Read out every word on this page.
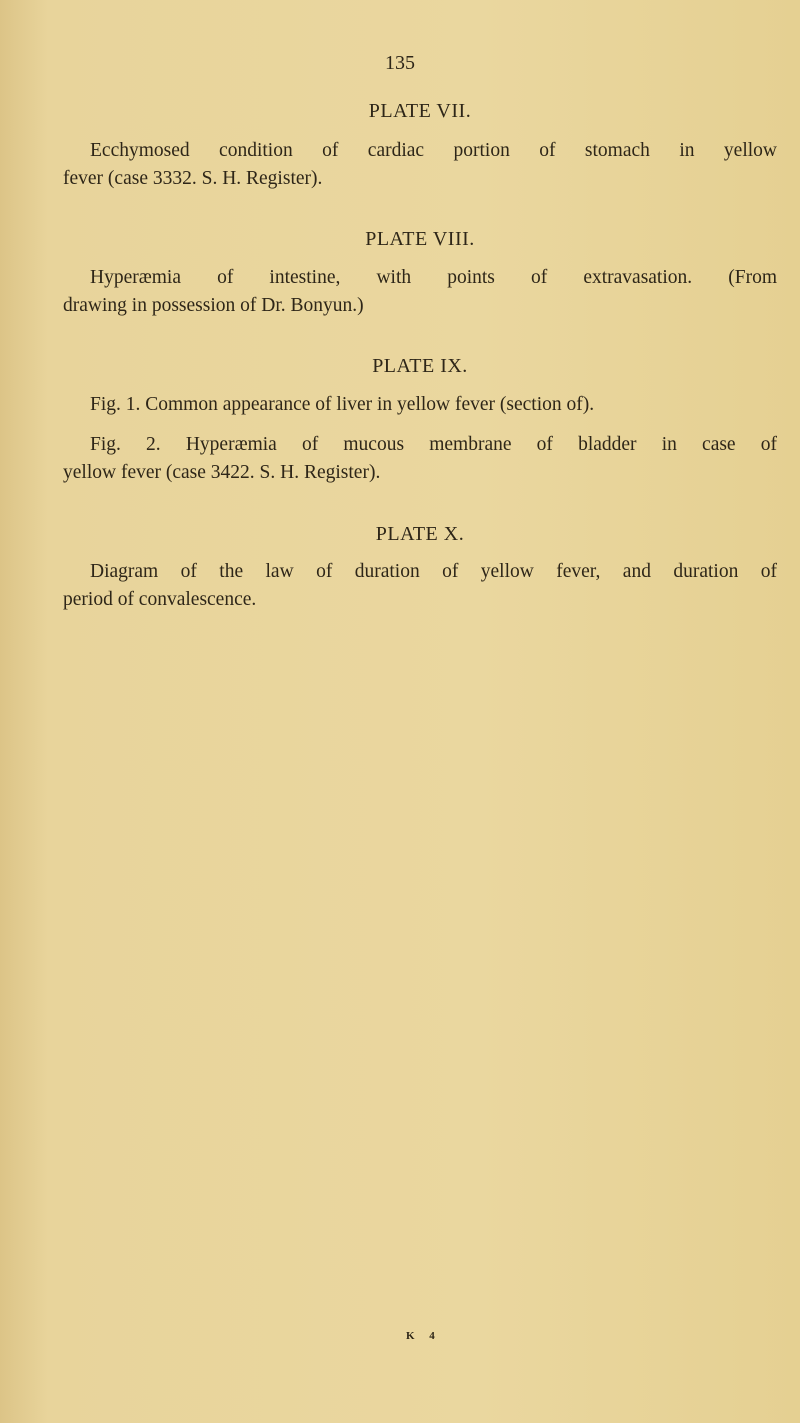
135
PLATE VII.
Ecchymosed condition of cardiac portion of stomach in yellow
fever (case 3332. S. H. Register).
PLATE VIII.
Hyperæmia of intestine, with points of extravasation. (From
drawing in possession of Dr. Bonyun.)
PLATE IX.
Fig. 1. Common appearance of liver in yellow fever (section of).
Fig. 2. Hyperæmia of mucous membrane of bladder in case of
yellow fever (case 3422. S. H. Register).
PLATE X.
Diagram of the law of duration of yellow fever, and duration of
period of convalescence.
K 4
